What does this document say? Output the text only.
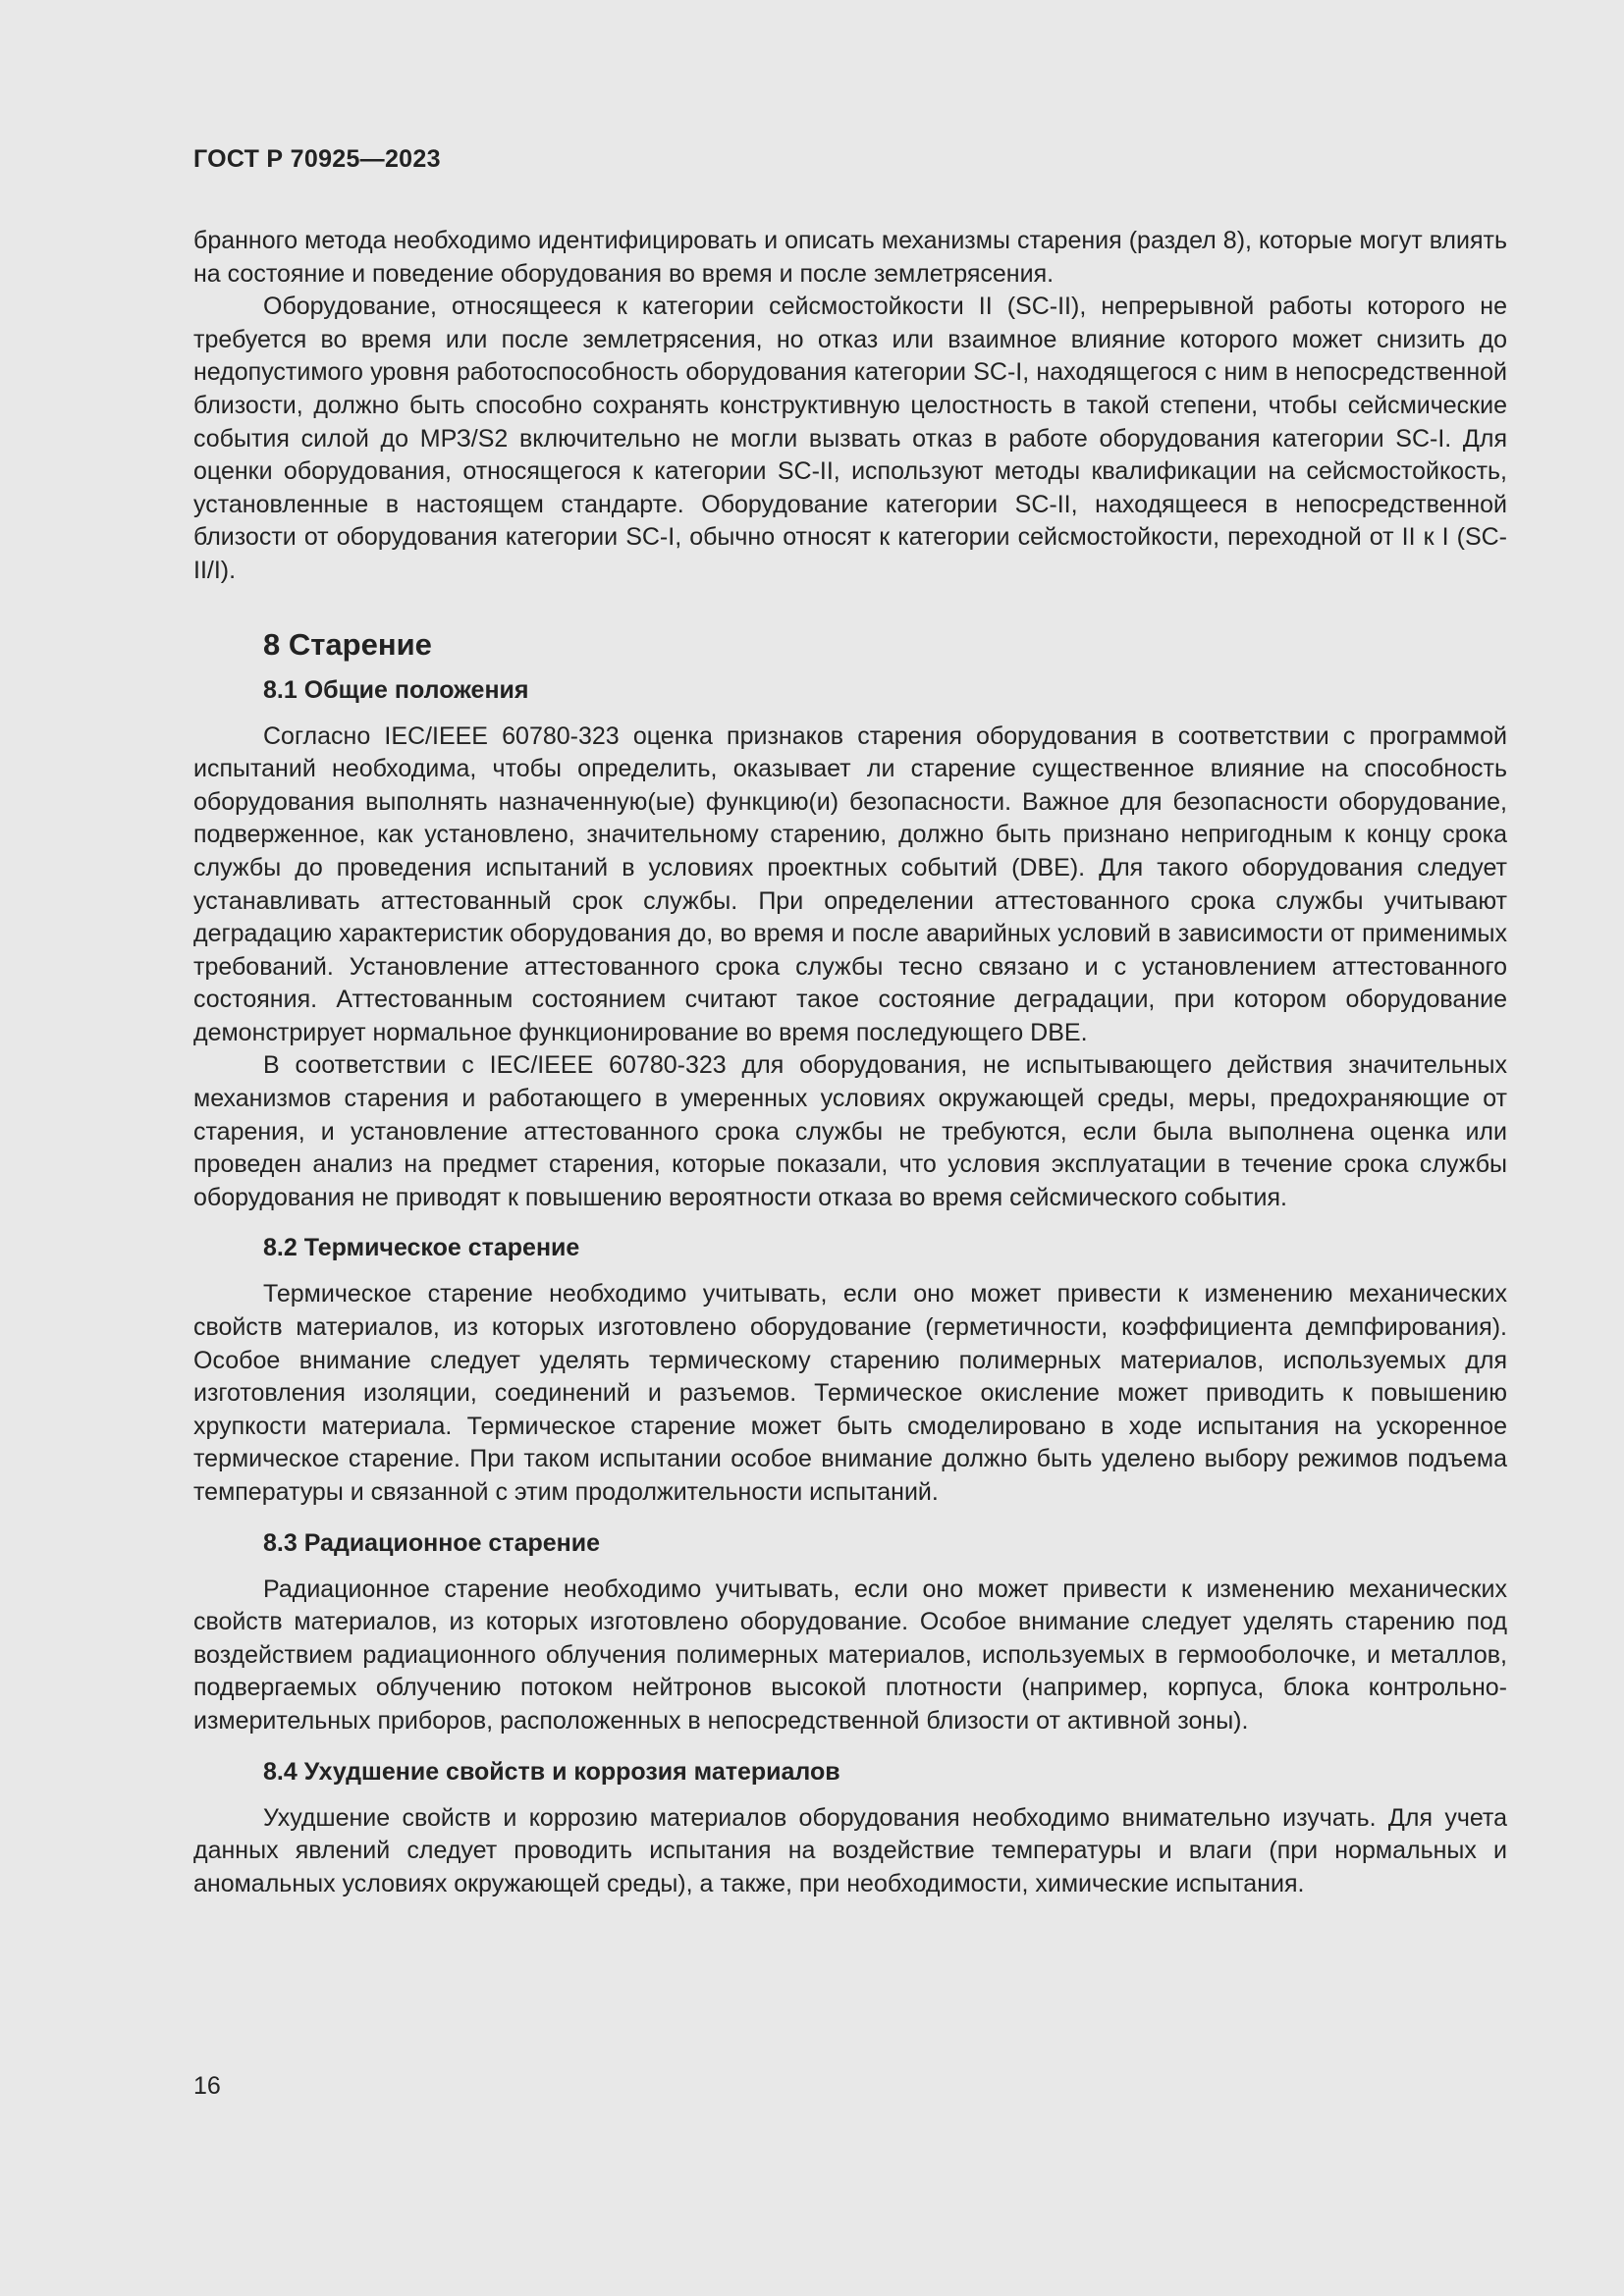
ГОСТ Р 70925—2023

бранного метода необходимо идентифицировать и описать механизмы старения (раздел 8), которые могут влиять на состояние и поведение оборудования во время и после землетрясения.

Оборудование, относящееся к категории сейсмостойкости II (SC-II), непрерывной работы которого не требуется во время или после землетрясения, но отказ или взаимное влияние которого может снизить до недопустимого уровня работоспособность оборудования категории SC-I, находящегося с ним в непосредственной близости, должно быть способно сохранять конструктивную целостность в такой степени, чтобы сейсмические события силой до МРЗ/S2 включительно не могли вызвать отказ в работе оборудования категории SC-I. Для оценки оборудования, относящегося к категории SC-II, используют методы квалификации на сейсмостойкость, установленные в настоящем стандарте. Оборудование категории SC-II, находящееся в непосредственной близости от оборудования категории SC-I, обычно относят к категории сейсмостойкости, переходной от II к I (SC-II/I).

8 Старение
8.1 Общие положения

Согласно IEC/IEEE 60780-323 оценка признаков старения оборудования в соответствии с программой испытаний необходима, чтобы определить, оказывает ли старение существенное влияние на способность оборудования выполнять назначенную(ые) функцию(и) безопасности. Важное для безопасности оборудование, подверженное, как установлено, значительному старению, должно быть признано непригодным к концу срока службы до проведения испытаний в условиях проектных событий (DBE). Для такого оборудования следует устанавливать аттестованный срок службы. При определении аттестованного срока службы учитывают деградацию характеристик оборудования до, во время и после аварийных условий в зависимости от применимых требований. Установление аттестованного срока службы тесно связано и с установлением аттестованного состояния. Аттестованным состоянием считают такое состояние деградации, при котором оборудование демонстрирует нормальное функционирование во время последующего DBE.

В соответствии с IEC/IEEE 60780-323 для оборудования, не испытывающего действия значительных механизмов старения и работающего в умеренных условиях окружающей среды, меры, предохраняющие от старения, и установление аттестованного срока службы не требуются, если была выполнена оценка или проведен анализ на предмет старения, которые показали, что условия эксплуатации в течение срока службы оборудования не приводят к повышению вероятности отказа во время сейсмического события.

8.2 Термическое старение

Термическое старение необходимо учитывать, если оно может привести к изменению механических свойств материалов, из которых изготовлено оборудование (герметичности, коэффициента демпфирования). Особое внимание следует уделять термическому старению полимерных материалов, используемых для изготовления изоляции, соединений и разъемов. Термическое окисление может приводить к повышению хрупкости материала. Термическое старение может быть смоделировано в ходе испытания на ускоренное термическое старение. При таком испытании особое внимание должно быть уделено выбору режимов подъема температуры и связанной с этим продолжительности испытаний.

8.3 Радиационное старение

Радиационное старение необходимо учитывать, если оно может привести к изменению механических свойств материалов, из которых изготовлено оборудование. Особое внимание следует уделять старению под воздействием радиационного облучения полимерных материалов, используемых в гермооболочке, и металлов, подвергаемых облучению потоком нейтронов высокой плотности (например, корпуса, блока контрольно-измерительных приборов, расположенных в непосредственной близости от активной зоны).

8.4 Ухудшение свойств и коррозия материалов

Ухудшение свойств и коррозию материалов оборудования необходимо внимательно изучать. Для учета данных явлений следует проводить испытания на воздействие температуры и влаги (при нормальных и аномальных условиях окружающей среды), а также, при необходимости, химические испытания.

16
